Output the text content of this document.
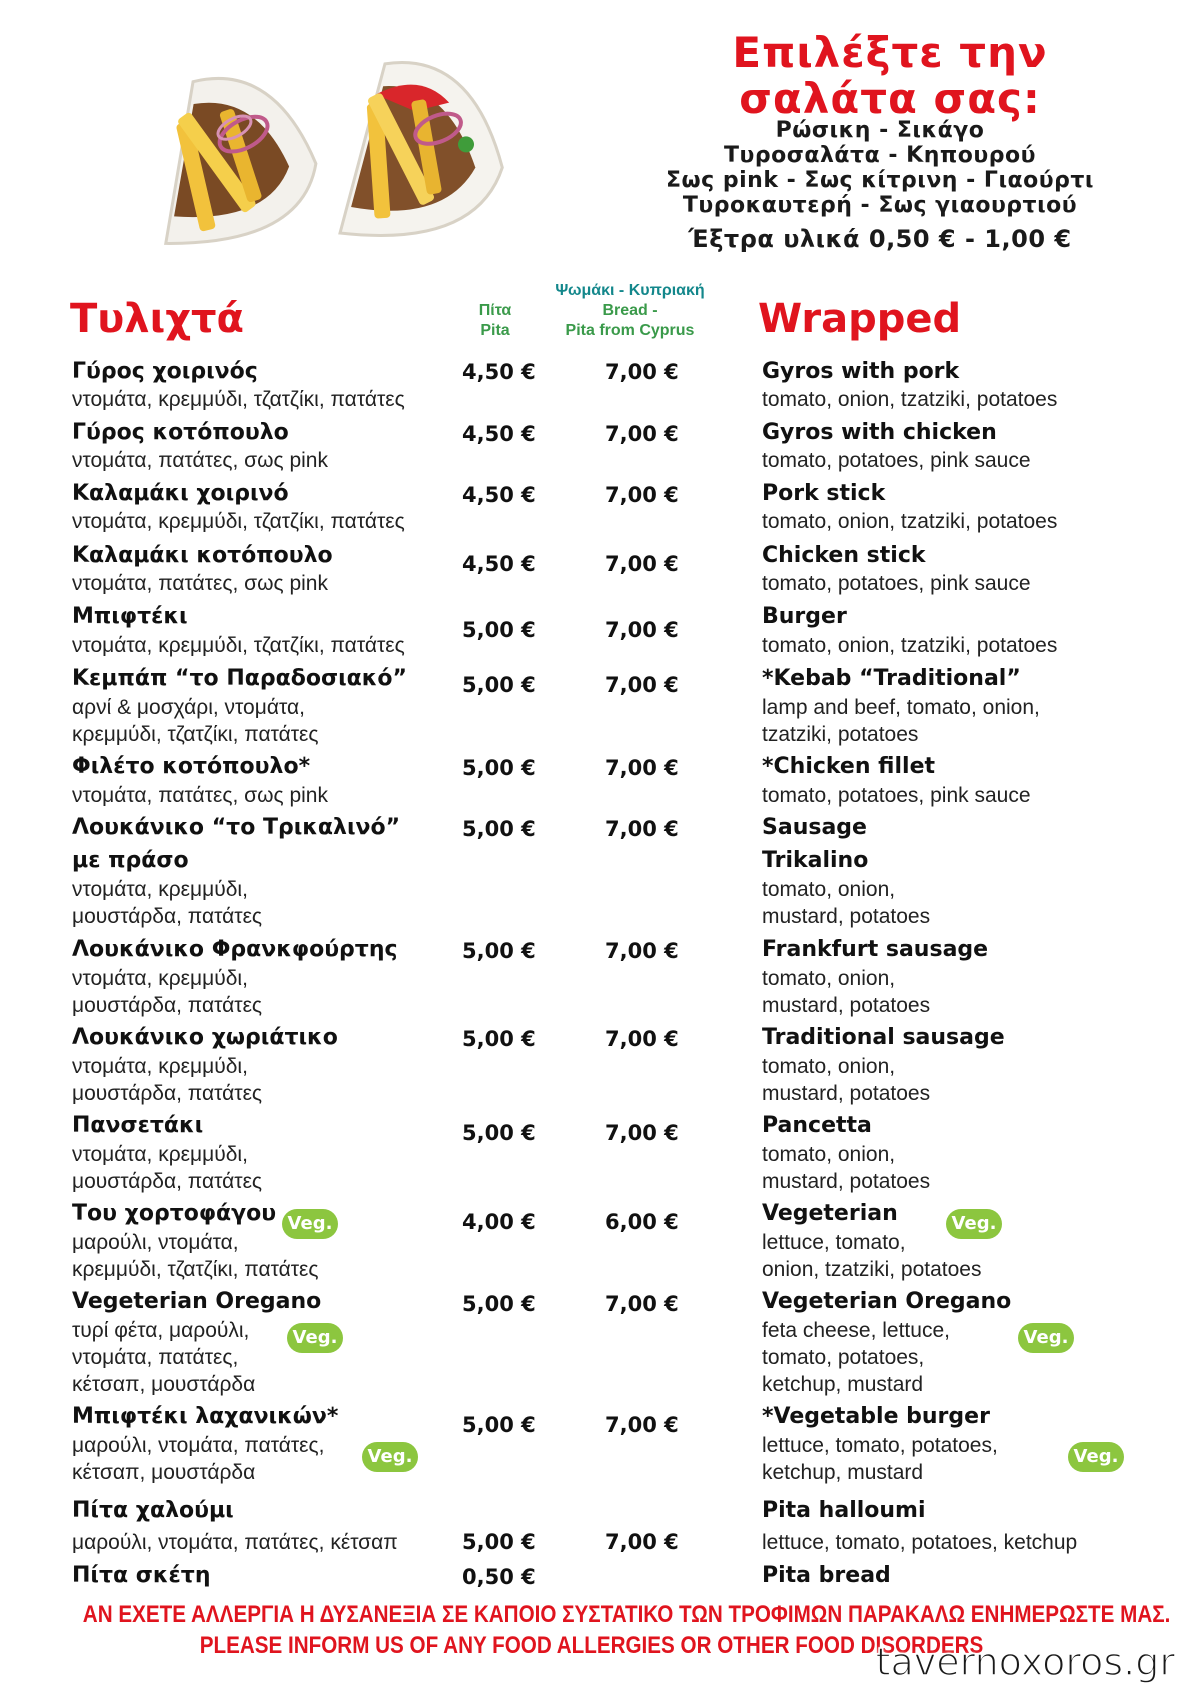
Επιλέξτε την
σαλάτα σας:
Ρώσικη - Σικάγο
Τυροσαλάτα - Κηπουρού
Σως pink - Σως κίτρινη - Γιαούρτι
Τυροκαυτερή - Σως γιαουρτιού
Έξτρα υλικά 0,50 € - 1,00 €
Τυλιχτά	Wrapped
Πίτα
Pita
Ψωμάκι - Κυπριακή
Bread -
Pita from Cyprus
Γύρος χοιρινός
ντομάτα, κρεμμύδι, τζατζίκι, πατάτες
4,50 €	7,00 €	Gyros with pork
tomato, onion, tzatziki, potatoes
Γύρος κοτόπουλο
ντομάτα, πατάτες, σως pink
4,50 €	7,00 €	Gyros with chicken
tomato, potatoes, pink sauce
Καλαμάκι χοιρινό
ντομάτα, κρεμμύδι, τζατζίκι, πατάτες
4,50 €	7,00 €	Pork stick
tomato, onion, tzatziki, potatoes
Καλαμάκι κοτόπουλο
ντομάτα, πατάτες, σως pink
4,50 €	7,00 €	Chicken stick
tomato, potatoes, pink sauce
Μπιφτέκι
ντομάτα, κρεμμύδι, τζατζίκι, πατάτες
5,00 €	7,00 €
Burger
tomato, onion, tzatziki, potatoes
Κεμπάπ “το Παραδοσιακό”
αρνί & μοσχάρι, ντομάτα,
κρεμμύδι, τζατζίκι, πατάτες
5,00 €	7,00 €	*Kebab “Traditional”
lamp and beef, tomato, onion,
tzatziki, potatoes
Φιλέτο κοτόπουλο*
ντομάτα, πατάτες, σως pink
5,00 €	7,00 €	*Chicken fillet
tomato, potatoes, pink sauce
Λουκάνικο “το Τρικαλινό”
με πράσο
ντομάτα, κρεμμύδι,
μουστάρδα, πατάτες
5,00 €	7,00 €	Sausage
Trikalino
tomato, onion,
mustard, potatoes
Λουκάνικο Φρανκφούρτης
ντομάτα, κρεμμύδι,
μουστάρδα, πατάτες
5,00 €	7,00 €	Frankfurt sausage
tomato, onion,
mustard, potatoes
Λουκάνικο χωριάτικο
ντομάτα, κρεμμύδι,
μουστάρδα, πατάτες
5,00 €	7,00 €	Traditional sausage
tomato, onion,
mustard, potatoes
Πανσετάκι
ντομάτα, κρεμμύδι,
μουστάρδα, πατάτες
5,00 €	7,00 €	Pancetta
tomato, onion,
mustard, potatoes
Του χορτοφάγου Veg.
μαρούλι, ντομάτα,
κρεμμύδι, τζατζίκι, πατάτες
4,00 €	6,00 €	Vegeterian	Veg.
lettuce, tomato,
onion, tzatziki, potatoes
Vegeterian Oregano
τυρί φέτα, μαρούλι,	Veg.
ντομάτα, πατάτες,
κέτσαπ, μουστάρδα
5,00 €	7,00 €	Vegeterian Oregano
feta cheese, lettuce,	Veg.
tomato, potatoes,
ketchup, mustard
Μπιφτέκι λαχανικών*
μαρούλι, ντομάτα, πατάτες,	Veg.
κέτσαπ, μουστάρδα
5,00 €	7,00 €	*Vegetable burger
lettuce, tomato, potatoes,	Veg.
ketchup, mustard
Πίτα χαλούμι
μαρούλι, ντομάτα, πατάτες, κέτσαπ	5,00 €	7,00 €
Pita halloumi
lettuce, tomato, potatoes, ketchup
Πίτα σκέτη	0,50 €	Pita bread
ΑΝ ΕΧΕΤΕ ΑΛΛΕΡΓΙΑ Η ΔΥΣΑΝΕΞΙΑ ΣΕ ΚΑΠΟΙΟ ΣΥΣΤΑΤΙΚΟ ΤΩΝ ΤΡΟΦΙΜΩΝ ΠΑΡΑΚΑΛΩ ΕΝΗΜΕΡΩΣΤΕ ΜΑΣ.
PLEASE INFORM US OF ANY FOOD ALLERGIES OR OTHER FOOD DISORDERS
tavernoxoros.gr
